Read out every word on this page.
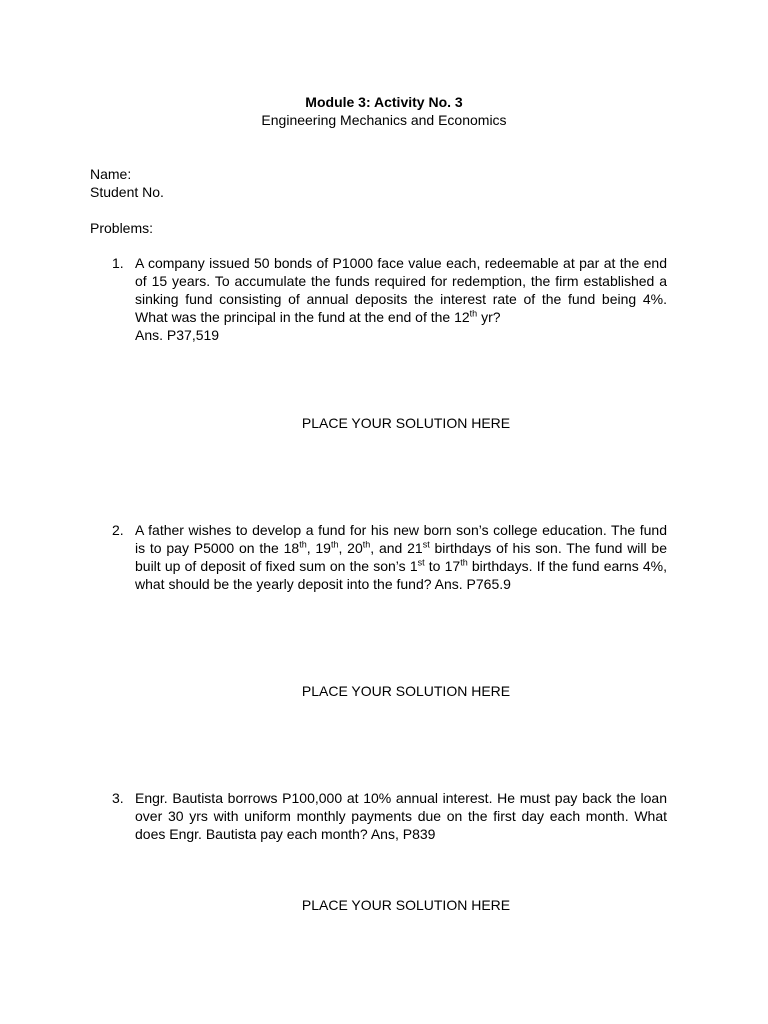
Module 3: Activity No. 3
Engineering Mechanics and Economics
Name:
Student No.
Problems:
1. A company issued 50 bonds of P1000 face value each, redeemable at par at the end of 15 years. To accumulate the funds required for redemption, the firm established a sinking fund consisting of annual deposits the interest rate of the fund being 4%. What was the principal in the fund at the end of the 12th yr?
Ans. P37,519
PLACE YOUR SOLUTION HERE
2. A father wishes to develop a fund for his new born son’s college education. The fund is to pay P5000 on the 18th, 19th, 20th, and 21st birthdays of his son. The fund will be built up of deposit of fixed sum on the son’s 1st to 17th birthdays. If the fund earns 4%, what should be the yearly deposit into the fund? Ans. P765.9
PLACE YOUR SOLUTION HERE
3. Engr. Bautista borrows P100,000 at 10% annual interest. He must pay back the loan over 30 yrs with uniform monthly payments due on the first day each month. What does Engr. Bautista pay each month? Ans, P839
PLACE YOUR SOLUTION HERE
